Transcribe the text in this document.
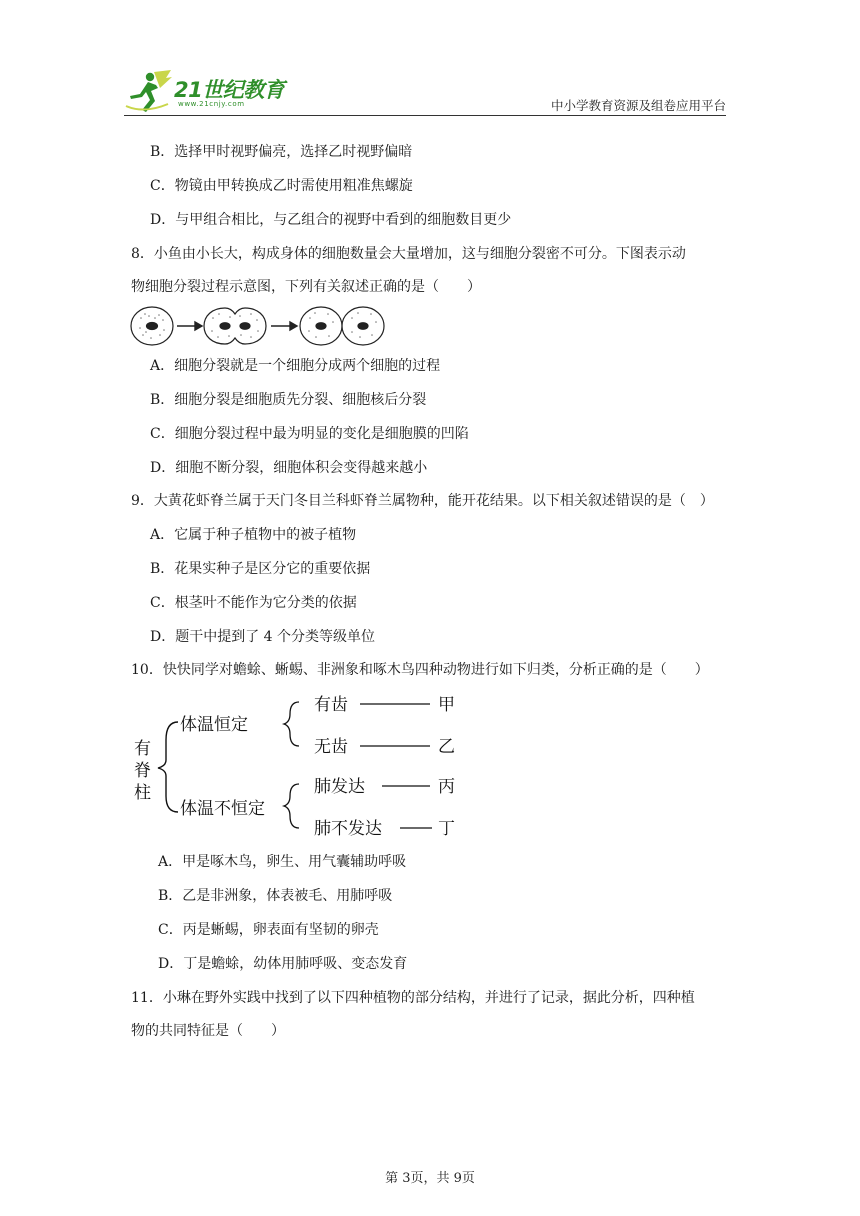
21世纪教育
www.21cnjy.com	中小学教育资源及组卷应用平台
B．选择甲时视野偏亮，选择乙时视野偏暗
C．物镜由甲转换成乙时需使用粗准焦螺旋
D．与甲组合相比，与乙组合的视野中看到的细胞数目更少
8．小鱼由小长大，构成身体的细胞数量会大量增加，这与细胞分裂密不可分。下图表示动
物细胞分裂过程示意图，下列有关叙述正确的是（　　）
A．细胞分裂就是一个细胞分成两个细胞的过程
B．细胞分裂是细胞质先分裂、细胞核后分裂
C．细胞分裂过程中最为明显的变化是细胞膜的凹陷
D．细胞不断分裂，细胞体积会变得越来越小
9．大黄花虾脊兰属于天门冬目兰科虾脊兰属物种，能开花结果。以下相关叙述错误的是（　）
A．它属于种子植物中的被子植物
B．花果实种子是区分它的重要依据
C．根茎叶不能作为它分类的依据
D．题干中提到了 4 个分类等级单位
10．快快同学对蟾蜍、蜥蜴、非洲象和啄木鸟四种动物进行如下归类，分析正确的是（　　）
有
脊
柱
体温恒定
体温不恒定
有齿	甲
无齿	乙
肺发达	丙
肺不发达	丁
A．甲是啄木鸟，卵生、用气囊辅助呼吸
B．乙是非洲象，体表被毛、用肺呼吸
C．丙是蜥蜴，卵表面有坚韧的卵壳
D．丁是蟾蜍，幼体用肺呼吸、变态发育
11．小琳在野外实践中找到了以下四种植物的部分结构，并进行了记录，据此分析，四种植
物的共同特征是（　　）
第 3页，共 9页
